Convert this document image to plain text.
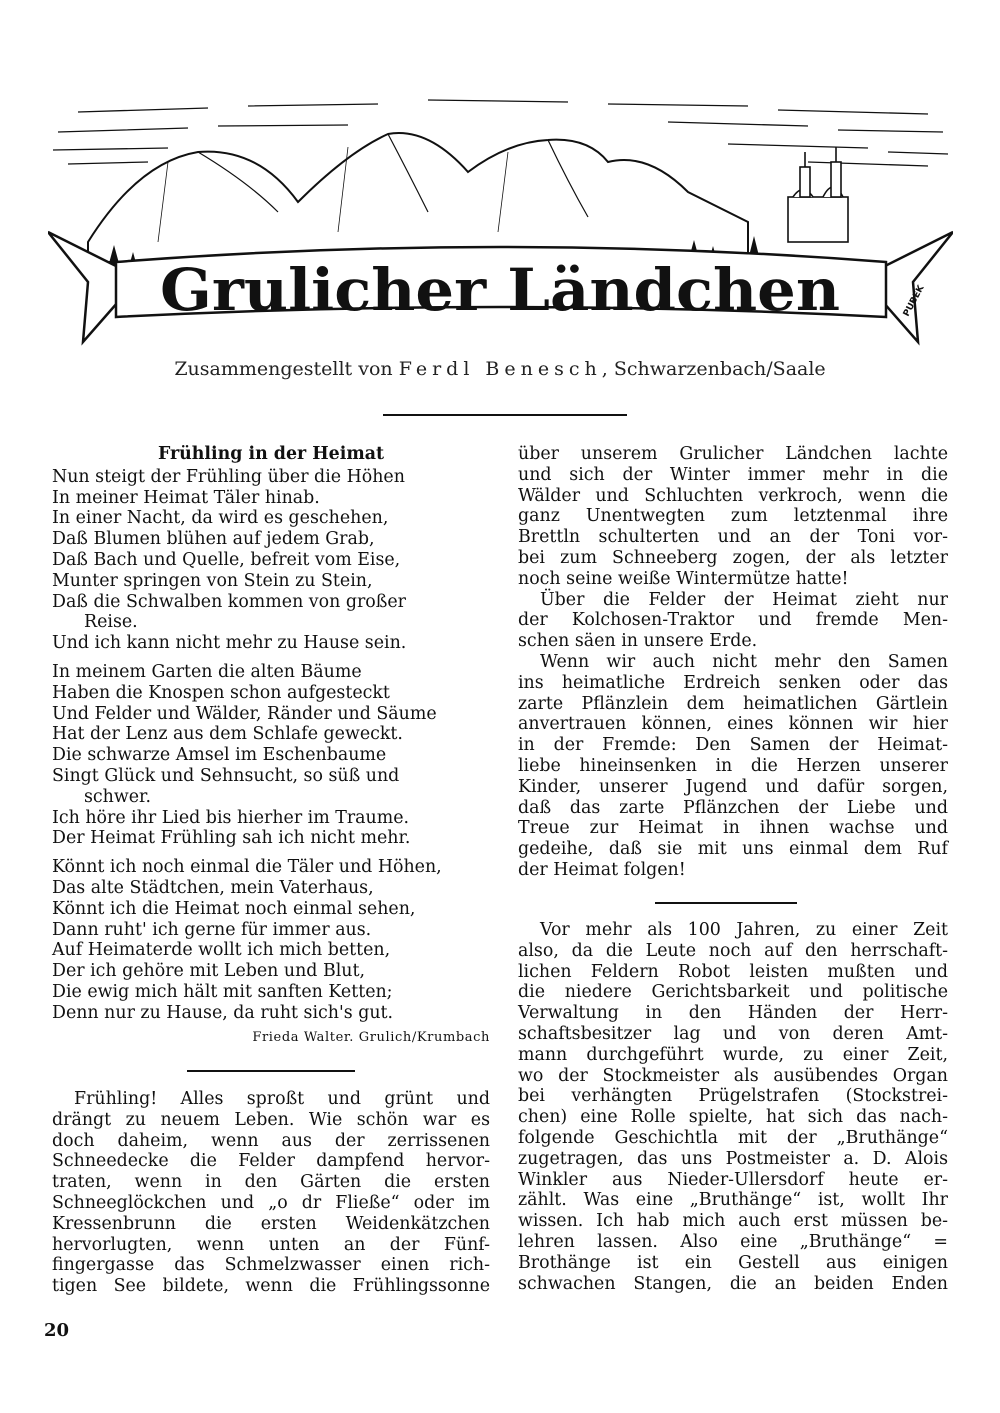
Grulicher Ländchen	PUBEK
Zusammengestellt von Ferdl Benesch, Schwarzenbach/Saale

Frühling in der Heimat

Nun steigt der Frühling über die Höhen
In meiner Heimat Täler hinab.
In einer Nacht, da wird es geschehen,
Daß Blumen blühen auf jedem Grab,
Daß Bach und Quelle, befreit vom Eise,
Munter springen von Stein zu Stein,
Daß die Schwalben kommen von großer
Reise.
Und ich kann nicht mehr zu Hause sein.

In meinem Garten die alten Bäume
Haben die Knospen schon aufgesteckt
Und Felder und Wälder, Ränder und Säume
Hat der Lenz aus dem Schlafe geweckt.
Die schwarze Amsel im Eschenbaume
Singt Glück und Sehnsucht, so süß und
schwer.
Ich höre ihr Lied bis hierher im Traume.
Der Heimat Frühling sah ich nicht mehr.

Könnt ich noch einmal die Täler und Höhen,
Das alte Städtchen, mein Vaterhaus,
Könnt ich die Heimat noch einmal sehen,
Dann ruht' ich gerne für immer aus.
Auf Heimaterde wollt ich mich betten,
Der ich gehöre mit Leben und Blut,
Die ewig mich hält mit sanften Ketten;
Denn nur zu Hause, da ruht sich's gut.

Frieda Walter. Grulich/Krumbach

Frühling! Alles sproßt und grünt und
drängt zu neuem Leben. Wie schön war es
doch daheim, wenn aus der zerrissenen
Schneedecke die Felder dampfend hervor-
traten, wenn in den Gärten die ersten
Schneeglöckchen und „o dr Fließe“ oder im
Kressenbrunn die ersten Weidenkätzchen
hervorlugten, wenn unten an der Fünf-
fingergasse das Schmelzwasser einen rich-
tigen See bildete, wenn die Frühlingssonne
über unserem Grulicher Ländchen lachte
und sich der Winter immer mehr in die
Wälder und Schluchten verkroch, wenn die
ganz Unentwegten zum letztenmal ihre
Brettln schulterten und an der Toni vor-
bei zum Schneeberg zogen, der als letzter
noch seine weiße Wintermütze hatte!
Über die Felder der Heimat zieht nur
der Kolchosen-Traktor und fremde Men-
schen säen in unsere Erde.
Wenn wir auch nicht mehr den Samen
ins heimatliche Erdreich senken oder das
zarte Pflänzlein dem heimatlichen Gärtlein
anvertrauen können, eines können wir hier
in der Fremde: Den Samen der Heimat-
liebe hineinsenken in die Herzen unserer
Kinder, unserer Jugend und dafür sorgen,
daß das zarte Pflänzchen der Liebe und
Treue zur Heimat in ihnen wachse und
gedeihe, daß sie mit uns einmal dem Ruf
der Heimat folgen!
Vor mehr als 100 Jahren, zu einer Zeit
also, da die Leute noch auf den herrschaft-
lichen Feldern Robot leisten mußten und
die niedere Gerichtsbarkeit und politische
Verwaltung in den Händen der Herr-
schaftsbesitzer lag und von deren Amt-
mann durchgeführt wurde, zu einer Zeit,
wo der Stockmeister als ausübendes Organ
bei verhängten Prügelstrafen (Stockstrei-
chen) eine Rolle spielte, hat sich das nach-
folgende Geschichtla mit der „Bruthänge“
zugetragen, das uns Postmeister a. D. Alois
Winkler aus Nieder-Ullersdorf heute er-
zählt. Was eine „Bruthänge“ ist, wollt Ihr
wissen. Ich hab mich auch erst müssen be-
lehren lassen. Also eine „Bruthänge“ =
Brothänge ist ein Gestell aus einigen
schwachen Stangen, die an beiden Enden
20
